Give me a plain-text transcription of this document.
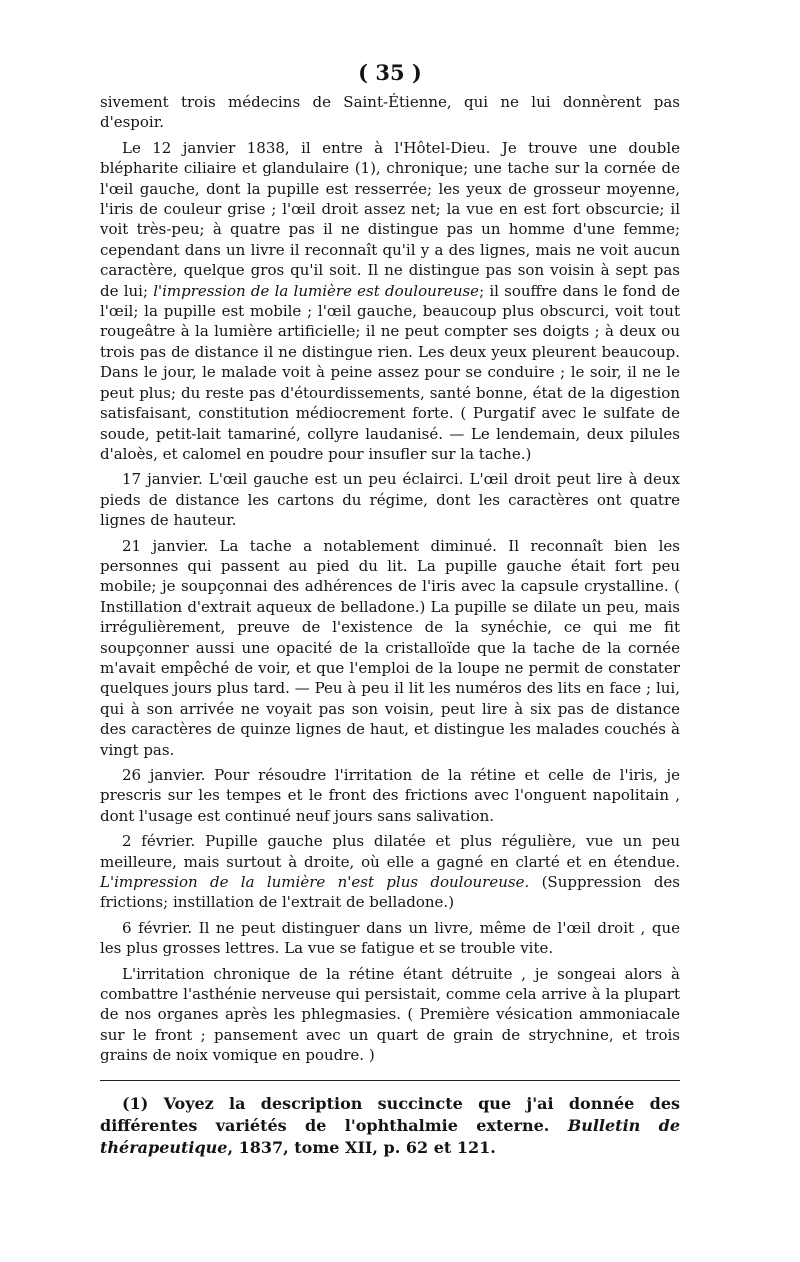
( 35 )

sivement trois médecins de Saint-Étienne, qui ne lui donnèrent pas d'espoir.

Le 12 janvier 1838, il entre à l'Hôtel-Dieu. Je trouve une double blépharite ciliaire et glandulaire (1), chronique; une tache sur la cornée de l'œil gauche, dont la pupille est resserrée; les yeux de grosseur moyenne, l'iris de couleur grise ; l'œil droit assez net; la vue en est fort obscurcie; il voit très-peu; à quatre pas il ne distingue pas un homme d'une femme; cependant dans un livre il reconnaît qu'il y a des lignes, mais ne voit aucun caractère, quelque gros qu'il soit. Il ne distingue pas son voisin à sept pas de lui; l'impression de la lumière est douloureuse; il souffre dans le fond de l'œil; la pupille est mobile ; l'œil gauche, beaucoup plus obscurci, voit tout rougeâtre à la lumière artificielle; il ne peut compter ses doigts ; à deux ou trois pas de distance il ne distingue rien. Les deux yeux pleurent beaucoup. Dans le jour, le malade voit à peine assez pour se conduire ; le soir, il ne le peut plus; du reste pas d'étourdissements, santé bonne, état de la digestion satisfaisant, constitution médiocrement forte. ( Purgatif avec le sulfate de soude, petit-lait tamariné, collyre laudanisé. — Le lendemain, deux pilules d'aloès, et calomel en poudre pour insufler sur la tache.)

17 janvier. L'œil gauche est un peu éclairci. L'œil droit peut lire à deux pieds de distance les cartons du régime, dont les caractères ont quatre lignes de hauteur.

21 janvier. La tache a notablement diminué. Il reconnaît bien les personnes qui passent au pied du lit. La pupille gauche était fort peu mobile; je soupçonnai des adhérences de l'iris avec la capsule crystalline. ( Instillation d'extrait aqueux de belladone.) La pupille se dilate un peu, mais irrégulièrement, preuve de l'existence de la synéchie, ce qui me fit soupçonner aussi une opacité de la cristalloïde que la tache de la cornée m'avait empêché de voir, et que l'emploi de la loupe ne permit de constater quelques jours plus tard. — Peu à peu il lit les numéros des lits en face ; lui, qui à son arrivée ne voyait pas son voisin, peut lire à six pas de distance des caractères de quinze lignes de haut, et distingue les malades couchés à vingt pas.

26 janvier. Pour résoudre l'irritation de la rétine et celle de l'iris, je prescris sur les tempes et le front des frictions avec l'onguent napolitain , dont l'usage est continué neuf jours sans salivation.

2 février. Pupille gauche plus dilatée et plus régulière, vue un peu meilleure, mais surtout à droite, où elle a gagné en clarté et en étendue. L'impression de la lumière n'est plus douloureuse. (Suppression des frictions; instillation de l'extrait de belladone.)

6 février. Il ne peut distinguer dans un livre, même de l'œil droit , que les plus grosses lettres. La vue se fatigue et se trouble vite.

L'irritation chronique de la rétine étant détruite , je songeai alors à combattre l'asthénie nerveuse qui persistait, comme cela arrive à la plupart de nos organes après les phlegmasies. ( Première vésication ammoniacale sur le front ; pansement avec un quart de grain de strychnine, et trois grains de noix vomique en poudre. )

(1) Voyez la description succincte que j'ai donnée des différentes variétés de l'ophthalmie externe. Bulletin de thérapeutique, 1837, tome XII, p. 62 et 121.
